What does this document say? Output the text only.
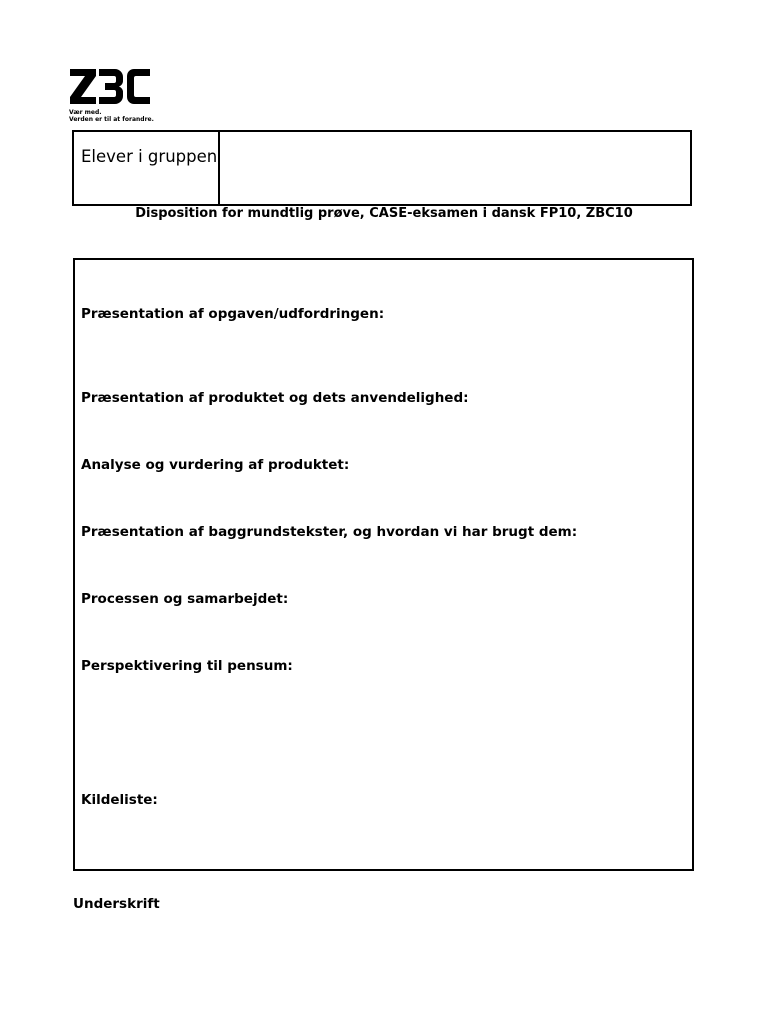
Vær med.
Verden er til at forandre.
Elever i gruppen
Disposition for mundtlig prøve, CASE-eksamen i dansk FP10, ZBC10
Præsentation af opgaven/udfordringen:
Præsentation af produktet og dets anvendelighed:
Analyse og vurdering af produktet:
Præsentation af baggrundstekster, og hvordan vi har brugt dem:
Processen og samarbejdet:
Perspektivering til pensum:
Kildeliste:
Underskrift
